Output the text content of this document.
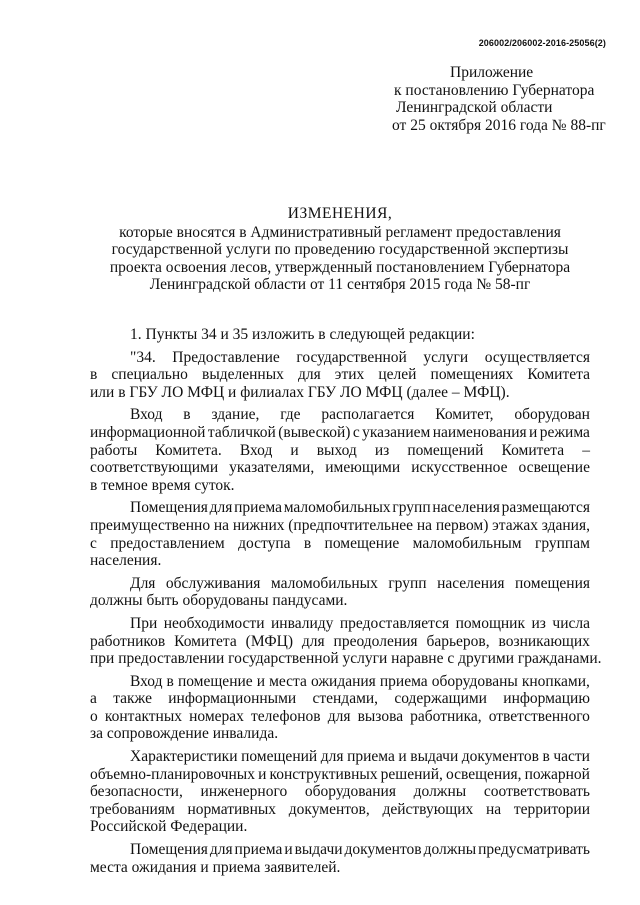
206002/206002-2016-25056(2)
Приложение
к постановлению Губернатора
Ленинградской области
от 25 октября 2016 года № 88-пг
ИЗМЕНЕНИЯ,
которые вносятся в Административный регламент предоставления
государственной услуги по проведению государственной экспертизы
проекта освоения лесов, утвержденный постановлением Губернатора
Ленинградской области от 11 сентября 2015 года № 58-пг
1. Пункты 34 и 35 изложить в следующей редакции:
"34. Предоставление государственной услуги осуществляется
в специально выделенных для этих целей помещениях Комитета
или в ГБУ ЛО МФЦ и филиалах ГБУ ЛО МФЦ (далее – МФЦ).
Вход в здание, где располагается Комитет, оборудован
информационной табличкой (вывеской) с указанием наименования и режима
работы Комитета. Вход и выход из помещений Комитета –
соответствующими указателями, имеющими искусственное освещение
в темное время суток.
Помещения для приема маломобильных групп населения размещаются
преимущественно на нижних (предпочтительнее на первом) этажах здания,
с предоставлением доступа в помещение маломобильным группам
населения.
Для обслуживания маломобильных групп населения помещения
должны быть оборудованы пандусами.
При необходимости инвалиду предоставляется помощник из числа
работников Комитета (МФЦ) для преодоления барьеров, возникающих
при предоставлении государственной услуги наравне с другими гражданами.
Вход в помещение и места ожидания приема оборудованы кнопками,
а также информационными стендами, содержащими информацию
о контактных номерах телефонов для вызова работника, ответственного
за сопровождение инвалида.
Характеристики помещений для приема и выдачи документов в части
объемно-планировочных и конструктивных решений, освещения, пожарной
безопасности, инженерного оборудования должны соответствовать
требованиям нормативных документов, действующих на территории
Российской Федерации.
Помещения для приема и выдачи документов должны предусматривать
места ожидания и приема заявителей.
